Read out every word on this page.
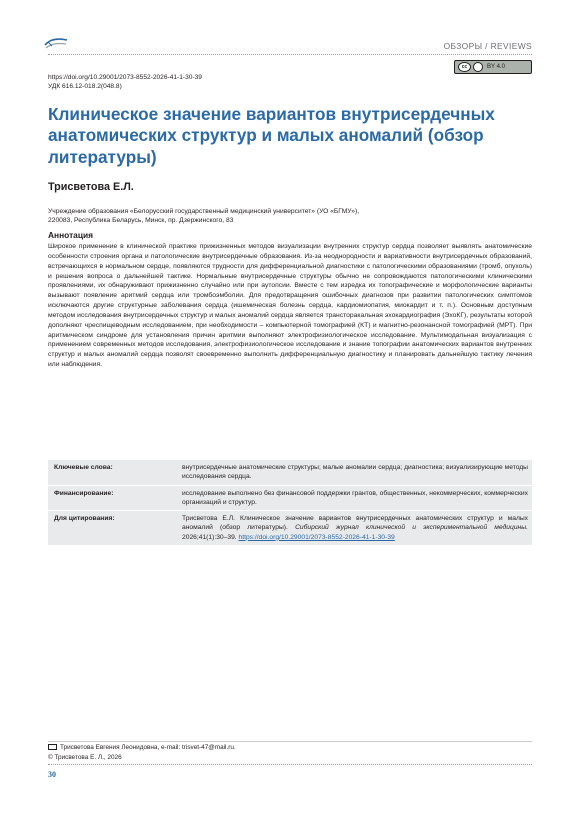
ОБЗОРЫ / REVIEWS
cc	BY 4.0
https://doi.org/10.29001/2073-8552-2026-41-1-30-39
УДК 616.12-018.2(048.8)
Клиническое значение вариантов внутрисердечных анатомических структур и малых аномалий (обзор литературы)
Трисветова Е.Л.
Учреждение образования «Белорусский государственный медицинский университет» (УО «БГМУ»),
220083, Республика Беларусь, Минск, пр. Дзержинского, 83
Аннотация

Широкое применение в клинической практике прижизненных методов визуализации внутренних структур сердца позволяет выявлять анатомические особенности строения органа и патологические внутрисердечные образования. Из-за неоднородности и вариативности внутрисердечных образований, встречающихся в нормальном сердце, появляются трудности для дифференциальной диагностики с патологическими образованиями (тромб, опухоль) и решения вопроса о дальнейшей тактике. Нормальные внутрисердечные структуры обычно не сопровождаются патологическими клиническими проявлениями, их обнаруживают прижизненно случайно или при аутопсии. Вместе с тем изредка их топографические и морфологические варианты вызывают появление аритмий сердца или тромбоэмболии. Для предотвращения ошибочных диагнозов при развитии патологических симптомов исключаются другие структурные заболевания сердца (ишемическая болезнь сердца, кардиомиопатия, миокардит и т. п.). Основным доступным методом исследования внутрисердечных структур и малых аномалий сердца является трансторакальная эхокардиография (ЭхоКГ), результаты которой дополняют чреспищеводным исследованием, при необходимости – компьютерной томографией (КТ) и магнитно-резонансной томографией (МРТ). При аритмическом синдроме для установления причин аритмии выполняют электрофизиологическое исследование. Мультимодальная визуализация с применением современных методов исследования, электрофизиологическое исследование и знание топографии анатомических вариантов внутренних структур и малых аномалий сердца позволят своевременно выполнить дифференциальную диагностику и планировать дальнейшую тактику лечения или наблюдения.

Ключевые слова:	внутрисердечные анатомические структуры; малые аномалии сердца; диагностика; визуализирующие методы исследования сердца.
Финансирование:	исследование выполнено без финансовой поддержки грантов, общественных, некоммерческих, коммерческих организаций и структур.
Для цитирования:	Трисветова Е.Л. Клиническое значение вариантов внутрисердечных анатомических структур и малых аномалий (обзор литературы). Сибирский журнал клинической и экспериментальной медицины. 2026;41(1):30–39. https://doi.org/10.29001/2073-8552-2026-41-1-30-39
Трисветова Евгения Леонидовна, e-mail: trisvet-47@mail.ru.
© Трисветова Е. Л., 2026
30
